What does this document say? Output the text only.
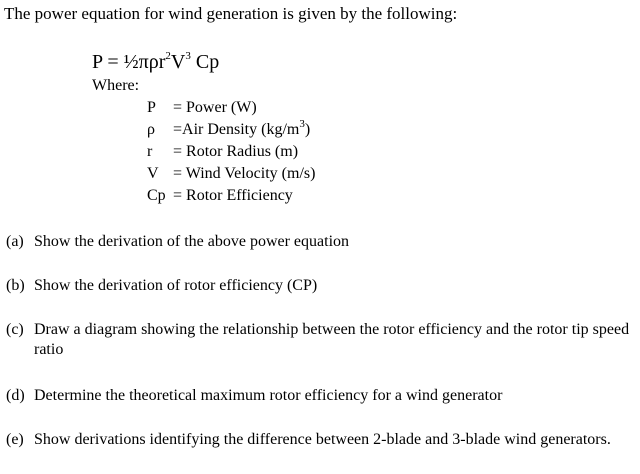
The power equation for wind generation is given by the following:
$P = \frac{1}{2}\pi\rho r^2V^3$ Cp
Where:
P	= Power (W)
ρ	=Air Density $(kg/m^3)$
r	= Rotor Radius (m)
V = Wind Velocity (m/s)
Cp = Rotor Efficiency
(a) Show the derivation of the above power equation
(b) Show the derivation of rotor efficiency (CP)
(c) Draw a diagram showing the relationship between the rotor efficiency and the rotor tip speed ratio
(d) Determine the theoretical maximum rotor efficiency for a wind generator
(e) Show derivations identifying the difference between 2-blade and 3-blade wind generators.
